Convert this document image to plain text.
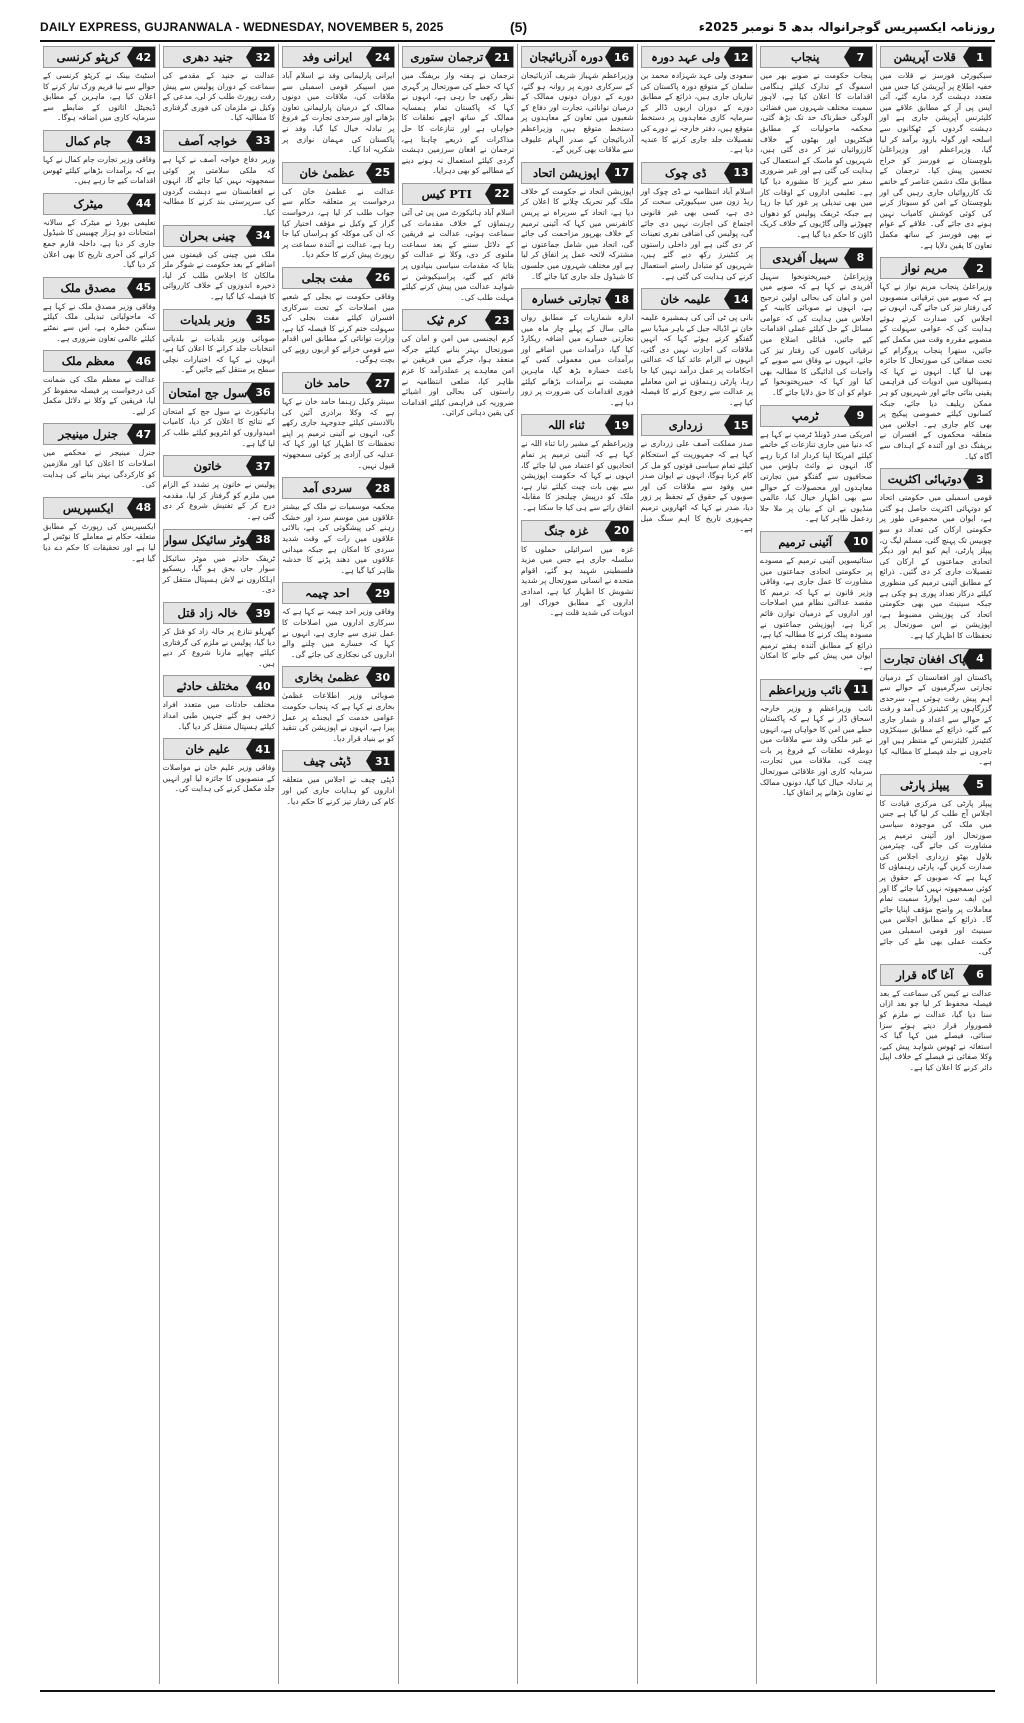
DAILY EXPRESS, GUJRANWALA - WEDNESDAY, NOVEMBER 5, 2025	(5)	روزنامہ ایکسپریس گوجرانوالہ بدھ 5 نومبر 2025ء
1
قلات آپریشن

سیکیورٹی فورسز نے قلات میں خفیہ اطلاع پر آپریشن کیا جس میں متعدد دہشت گرد مارے گئے، آئی ایس پی آر کے مطابق علاقے میں کلیئرنس آپریشن جاری ہے اور دہشت گردوں کے ٹھکانوں سے اسلحہ اور گولہ بارود برآمد کر لیا گیا، وزیراعظم اور وزیراعلیٰ بلوچستان نے فورسز کو خراج تحسین پیش کیا۔ ترجمان کے مطابق ملک دشمن عناصر کے خاتمے تک کارروائیاں جاری رہیں گی اور بلوچستان کے امن کو سبوتاژ کرنے کی کوئی کوشش کامیاب نہیں ہونے دی جائے گی۔ علاقے کے عوام نے بھی فورسز کے ساتھ مکمل تعاون کا یقین دلایا ہے۔

2
مریم نواز

وزیراعلیٰ پنجاب مریم نواز نے کہا ہے کہ صوبے میں ترقیاتی منصوبوں کی رفتار تیز کی جائے گی، انہوں نے اجلاس کی صدارت کرتے ہوئے ہدایت کی کہ عوامی سہولت کے منصوبے مقررہ وقت میں مکمل کیے جائیں، ستھرا پنجاب پروگرام کے تحت صفائی کی صورتحال کا جائزہ بھی لیا گیا۔ انہوں نے کہا کہ ہسپتالوں میں ادویات کی فراہمی یقینی بنائی جائے اور شہریوں کو ہر ممکن ریلیف دیا جائے، جبکہ کسانوں کیلئے خصوصی پیکیج پر بھی کام جاری ہے۔ اجلاس میں متعلقہ محکموں کے افسران نے بریفنگ دی اور آئندہ کے اہداف سے آگاہ کیا۔

3
دوتہائی اکثریت

قومی اسمبلی میں حکومتی اتحاد کو دوتہائی اکثریت حاصل ہو گئی ہے، ایوان میں مجموعی طور پر حکومتی ارکان کی تعداد دو سو چوبیس تک پہنچ گئی، مسلم لیگ ن، پیپلز پارٹی، ایم کیو ایم اور دیگر اتحادی جماعتوں کے ارکان کی تفصیلات جاری کر دی گئیں۔ ذرائع کے مطابق آئینی ترمیم کی منظوری کیلئے درکار تعداد پوری ہو چکی ہے جبکہ سینیٹ میں بھی حکومتی اتحاد کی پوزیشن مضبوط ہے، اپوزیشن نے اس صورتحال پر تحفظات کا اظہار کیا ہے۔

4
پاک افغان تجارت

پاکستان اور افغانستان کے درمیان تجارتی سرگرمیوں کے حوالے سے اہم پیش رفت ہوئی ہے، سرحدی گزرگاہوں پر کنٹینرز کی آمد و رفت کے حوالے سے اعداد و شمار جاری کیے گئے، ذرائع کے مطابق سینکڑوں کنٹینرز کلیئرنس کے منتظر ہیں اور تاجروں نے جلد فیصلے کا مطالبہ کیا ہے۔

5
پیپلز پارٹی

پیپلز پارٹی کی مرکزی قیادت کا اجلاس آج طلب کر لیا گیا ہے جس میں ملک کی موجودہ سیاسی صورتحال اور آئینی ترمیم پر مشاورت کی جائے گی، چیئرمین بلاول بھٹو زرداری اجلاس کی صدارت کریں گے، پارٹی رہنماؤں کا کہنا ہے کہ صوبوں کے حقوق پر کوئی سمجھوتہ نہیں کیا جائے گا اور این ایف سی ایوارڈ سمیت تمام معاملات پر واضح مؤقف اپنایا جائے گا۔ ذرائع کے مطابق اجلاس میں سینیٹ اور قومی اسمبلی میں حکمت عملی بھی طے کی جائے گی۔

6
آغا گاہ قرار

عدالت نے کیس کی سماعت کے بعد فیصلہ محفوظ کر لیا جو بعد ازاں سنا دیا گیا، عدالت نے ملزم کو قصوروار قرار دیتے ہوئے سزا سنائی، فیصلے میں کہا گیا کہ استغاثہ نے ٹھوس شواہد پیش کیے، وکلا صفائی نے فیصلے کے خلاف اپیل دائر کرنے کا اعلان کیا ہے۔

7
پنجاب

پنجاب حکومت نے صوبے بھر میں اسموگ کے تدارک کیلئے ہنگامی اقدامات کا اعلان کیا ہے، لاہور سمیت مختلف شہروں میں فضائی آلودگی خطرناک حد تک بڑھ گئی، محکمہ ماحولیات کے مطابق فیکٹریوں اور بھٹوں کے خلاف کارروائیاں تیز کر دی گئی ہیں، شہریوں کو ماسک کے استعمال کی ہدایت کی گئی ہے اور غیر ضروری سفر سے گریز کا مشورہ دیا گیا ہے۔ تعلیمی اداروں کے اوقات کار میں بھی تبدیلی پر غور کیا جا رہا ہے جبکہ ٹریفک پولیس کو دھواں چھوڑنے والی گاڑیوں کے خلاف کریک ڈاؤن کا حکم دیا گیا ہے۔

8
سہیل آفریدی

وزیراعلیٰ خیبرپختونخوا سہیل آفریدی نے کہا ہے کہ صوبے میں امن و امان کی بحالی اولین ترجیح ہے، انہوں نے صوبائی کابینہ کے اجلاس میں ہدایت کی کہ عوامی مسائل کے حل کیلئے عملی اقدامات کیے جائیں، قبائلی اضلاع میں ترقیاتی کاموں کی رفتار تیز کی جائے، انہوں نے وفاق سے صوبے کے واجبات کی ادائیگی کا مطالبہ بھی کیا اور کہا کہ خیبرپختونخوا کے عوام کو ان کا حق دلایا جائے گا۔

9
ٹرمپ

امریکی صدر ڈونلڈ ٹرمپ نے کہا ہے کہ دنیا میں جاری تنازعات کے خاتمے کیلئے امریکا اپنا کردار ادا کرتا رہے گا، انہوں نے وائٹ ہاؤس میں صحافیوں سے گفتگو میں تجارتی معاہدوں اور محصولات کے حوالے سے بھی اظہار خیال کیا، عالمی منڈیوں نے ان کے بیان پر ملا جلا ردعمل ظاہر کیا ہے۔

10
آئینی ترمیم

ستائیسویں آئینی ترمیم کے مسودے پر حکومتی اتحادی جماعتوں میں مشاورت کا عمل جاری ہے، وفاقی وزیر قانون نے کہا کہ ترمیم کا مقصد عدالتی نظام میں اصلاحات اور اداروں کے درمیان توازن قائم کرنا ہے، اپوزیشن جماعتوں نے مسودہ پبلک کرنے کا مطالبہ کیا ہے، ذرائع کے مطابق آئندہ ہفتے ترمیم ایوان میں پیش کیے جانے کا امکان ہے۔

11
نائب وزیراعظم

نائب وزیراعظم و وزیر خارجہ اسحاق ڈار نے کہا ہے کہ پاکستان خطے میں امن کا خواہاں ہے، انہوں نے غیر ملکی وفد سے ملاقات میں دوطرفہ تعلقات کے فروغ پر بات چیت کی، ملاقات میں تجارت، سرمایہ کاری اور علاقائی صورتحال پر تبادلہ خیال کیا گیا، دونوں ممالک نے تعاون بڑھانے پر اتفاق کیا۔

12
ولی عہد دورہ

سعودی ولی عہد شہزادہ محمد بن سلمان کے متوقع دورہ پاکستان کی تیاریاں جاری ہیں، ذرائع کے مطابق دورے کے دوران اربوں ڈالر کے سرمایہ کاری معاہدوں پر دستخط متوقع ہیں، دفتر خارجہ نے دورے کی تفصیلات جلد جاری کرنے کا عندیہ دیا ہے۔

13
ڈی چوک

اسلام آباد انتظامیہ نے ڈی چوک اور ریڈ زون میں سیکیورٹی سخت کر دی ہے، کسی بھی غیر قانونی اجتماع کی اجازت نہیں دی جائے گی، پولیس کی اضافی نفری تعینات کر دی گئی ہے اور داخلی راستوں پر کنٹینرز رکھ دیے گئے ہیں، شہریوں کو متبادل راستے استعمال کرنے کی ہدایت کی گئی ہے۔

14
علیمہ خان

بانی پی ٹی آئی کی ہمشیرہ علیمہ خان نے اڈیالہ جیل کے باہر میڈیا سے گفتگو کرتے ہوئے کہا کہ انہیں ملاقات کی اجازت نہیں دی گئی، انہوں نے الزام عائد کیا کہ عدالتی احکامات پر عمل درآمد نہیں کیا جا رہا، پارٹی رہنماؤں نے اس معاملے پر عدالت سے رجوع کرنے کا فیصلہ کیا ہے۔

15
زرداری

صدر مملکت آصف علی زرداری نے کہا ہے کہ جمہوریت کے استحکام کیلئے تمام سیاسی قوتوں کو مل کر کام کرنا ہوگا، انہوں نے ایوان صدر میں وفود سے ملاقات کی اور صوبوں کے حقوق کے تحفظ پر زور دیا، صدر نے کہا کہ اٹھارویں ترمیم جمہوری تاریخ کا اہم سنگ میل ہے۔

16
دورہ آذربائیجان

وزیراعظم شہباز شریف آذربائیجان کے سرکاری دورے پر روانہ ہو گئے، دورے کے دوران دونوں ممالک کے درمیان توانائی، تجارت اور دفاع کے شعبوں میں تعاون کے معاہدوں پر دستخط متوقع ہیں، وزیراعظم آذربائیجان کے صدر الہام علیوف سے ملاقات بھی کریں گے۔

17
اپوزیشن اتحاد

اپوزیشن اتحاد نے حکومت کے خلاف ملک گیر تحریک چلانے کا اعلان کر دیا ہے، اتحاد کے سربراہ نے پریس کانفرنس میں کہا کہ آئینی ترمیم کے خلاف بھرپور مزاحمت کی جائے گی، اتحاد میں شامل جماعتوں نے مشترکہ لائحہ عمل پر اتفاق کر لیا ہے اور مختلف شہروں میں جلسوں کا شیڈول جلد جاری کیا جائے گا۔

18
تجارتی خسارہ

ادارہ شماریات کے مطابق رواں مالی سال کے پہلے چار ماہ میں تجارتی خسارے میں اضافہ ریکارڈ کیا گیا، درآمدات میں اضافے اور برآمدات میں معمولی کمی کے باعث خسارہ بڑھ گیا، ماہرین معیشت نے برآمدات بڑھانے کیلئے فوری اقدامات کی ضرورت پر زور دیا ہے۔

19
ثناء اللہ

وزیراعظم کے مشیر رانا ثناء اللہ نے کہا ہے کہ آئینی ترمیم پر تمام اتحادیوں کو اعتماد میں لیا جائے گا، انہوں نے کہا کہ حکومت اپوزیشن سے بھی بات چیت کیلئے تیار ہے، ملک کو درپیش چیلنجز کا مقابلہ اتفاق رائے سے ہی کیا جا سکتا ہے۔

20
غزہ جنگ

غزہ میں اسرائیلی حملوں کا سلسلہ جاری ہے جس میں مزید فلسطینی شہید ہو گئے، اقوام متحدہ نے انسانی صورتحال پر شدید تشویش کا اظہار کیا ہے، امدادی اداروں کے مطابق خوراک اور ادویات کی شدید قلت ہے۔

21
ترجمان ستوری

ترجمان نے ہفتہ وار بریفنگ میں کہا کہ خطے کی صورتحال پر گہری نظر رکھی جا رہی ہے، انہوں نے کہا کہ پاکستان تمام ہمسایہ ممالک کے ساتھ اچھے تعلقات کا خواہاں ہے اور تنازعات کا حل مذاکرات کے ذریعے چاہتا ہے، ترجمان نے افغان سرزمین دہشت گردی کیلئے استعمال نہ ہونے دینے کے مطالبے کو بھی دہرایا۔

22
PTI کیس

اسلام آباد ہائیکورٹ میں پی ٹی آئی رہنماؤں کے خلاف مقدمات کی سماعت ہوئی، عدالت نے فریقین کے دلائل سننے کے بعد سماعت ملتوی کر دی، وکلا نے عدالت کو بتایا کہ مقدمات سیاسی بنیادوں پر قائم کیے گئے، پراسیکیوشن نے شواہد عدالت میں پیش کرنے کیلئے مہلت طلب کی۔

23
کرم ٹیک

کرم ایجنسی میں امن و امان کی صورتحال بہتر بنانے کیلئے جرگہ منعقد ہوا، جرگے میں فریقین نے امن معاہدے پر عملدرآمد کا عزم ظاہر کیا، ضلعی انتظامیہ نے راستوں کی بحالی اور اشیائے ضروریہ کی فراہمی کیلئے اقدامات کی یقین دہانی کرائی۔

24
ایرانی وفد

ایرانی پارلیمانی وفد نے اسلام آباد میں اسپیکر قومی اسمبلی سے ملاقات کی، ملاقات میں دونوں ممالک کے درمیان پارلیمانی تعاون بڑھانے اور سرحدی تجارت کے فروغ پر تبادلہ خیال کیا گیا، وفد نے پاکستان کی مہمان نوازی پر شکریہ ادا کیا۔

25
عظمیٰ خان

عدالت نے عظمیٰ خان کی درخواست پر متعلقہ حکام سے جواب طلب کر لیا ہے، درخواست گزار کے وکیل نے مؤقف اختیار کیا کہ ان کی موکلہ کو ہراساں کیا جا رہا ہے، عدالت نے آئندہ سماعت پر رپورٹ پیش کرنے کا حکم دیا۔

26
مفت بجلی

وفاقی حکومت نے بجلی کے شعبے میں اصلاحات کے تحت سرکاری افسران کیلئے مفت بجلی کی سہولت ختم کرنے کا فیصلہ کیا ہے، وزارت توانائی کے مطابق اس اقدام سے قومی خزانے کو اربوں روپے کی بچت ہوگی۔

27
حامد خان

سینئر وکیل رہنما حامد خان نے کہا ہے کہ وکلا برادری آئین کی بالادستی کیلئے جدوجہد جاری رکھے گی، انہوں نے آئینی ترمیم پر اپنے تحفظات کا اظہار کیا اور کہا کہ عدلیہ کی آزادی پر کوئی سمجھوتہ قبول نہیں۔

28
سردی آمد

محکمہ موسمیات نے ملک کے بیشتر علاقوں میں موسم سرد اور خشک رہنے کی پیشگوئی کی ہے، بالائی علاقوں میں رات کے وقت شدید سردی کا امکان ہے جبکہ میدانی علاقوں میں دھند پڑنے کا خدشہ ظاہر کیا گیا ہے۔

29
احد چیمہ

وفاقی وزیر احد چیمہ نے کہا ہے کہ سرکاری اداروں میں اصلاحات کا عمل تیزی سے جاری ہے، انہوں نے کہا کہ خسارے میں چلنے والے اداروں کی نجکاری کی جائے گی۔

30
عظمیٰ بخاری

صوبائی وزیر اطلاعات عظمیٰ بخاری نے کہا ہے کہ پنجاب حکومت عوامی خدمت کے ایجنڈے پر عمل پیرا ہے، انہوں نے اپوزیشن کی تنقید کو بے بنیاد قرار دیا۔

31
ڈپٹی چیف

ڈپٹی چیف نے اجلاس میں متعلقہ اداروں کو ہدایات جاری کیں اور کام کی رفتار تیز کرنے کا حکم دیا۔

32
جنید دھری

عدالت نے جنید کے مقدمے کی سماعت کے دوران پولیس سے پیش رفت رپورٹ طلب کر لی، مدعی کے وکیل نے ملزمان کی فوری گرفتاری کا مطالبہ کیا۔

33
خواجہ آصف

وزیر دفاع خواجہ آصف نے کہا ہے کہ ملکی سلامتی پر کوئی سمجھوتہ نہیں کیا جائے گا، انہوں نے افغانستان سے دہشت گردوں کی سرپرستی بند کرنے کا مطالبہ کیا۔

34
چینی بحران

ملک میں چینی کی قیمتوں میں اضافے کے بعد حکومت نے شوگر ملز مالکان کا اجلاس طلب کر لیا، ذخیرہ اندوزوں کے خلاف کارروائی کا فیصلہ کیا گیا ہے۔

35
وزیر بلدیات

صوبائی وزیر بلدیات نے بلدیاتی انتخابات جلد کرانے کا اعلان کیا ہے، انہوں نے کہا کہ اختیارات نچلی سطح پر منتقل کیے جائیں گے۔

36
سول جج امتحان

ہائیکورٹ نے سول جج کے امتحان کے نتائج کا اعلان کر دیا، کامیاب امیدواروں کو انٹرویو کیلئے طلب کر لیا گیا ہے۔

37
خاتون

پولیس نے خاتون پر تشدد کے الزام میں ملزم کو گرفتار کر لیا، مقدمہ درج کر کے تفتیش شروع کر دی گئی ہے۔

38
موٹر سائیکل سوار

ٹریفک حادثے میں موٹر سائیکل سوار جاں بحق ہو گیا، ریسکیو اہلکاروں نے لاش ہسپتال منتقل کر دی۔

39
خالہ زاد قتل

گھریلو تنازع پر خالہ زاد کو قتل کر دیا گیا، پولیس نے ملزم کی گرفتاری کیلئے چھاپے مارنا شروع کر دیے ہیں۔

40
مختلف حادثے

مختلف حادثات میں متعدد افراد زخمی ہو گئے جنہیں طبی امداد کیلئے ہسپتال منتقل کر دیا گیا۔

41
علیم خان

وفاقی وزیر علیم خان نے مواصلات کے منصوبوں کا جائزہ لیا اور انہیں جلد مکمل کرنے کی ہدایت کی۔

42
کرپٹو کرنسی

اسٹیٹ بینک نے کرپٹو کرنسی کے حوالے سے نیا فریم ورک تیار کرنے کا اعلان کیا ہے، ماہرین کے مطابق ڈیجیٹل اثاثوں کے ضابطے سے سرمایہ کاری میں اضافہ ہوگا۔

43
جام کمال

وفاقی وزیر تجارت جام کمال نے کہا ہے کہ برآمدات بڑھانے کیلئے ٹھوس اقدامات کیے جا رہے ہیں۔

44
میٹرک

تعلیمی بورڈ نے میٹرک کے سالانہ امتحانات دو ہزار چھبیس کا شیڈول جاری کر دیا ہے، داخلہ فارم جمع کرانے کی آخری تاریخ کا بھی اعلان کر دیا گیا۔

45
مصدق ملک

وفاقی وزیر مصدق ملک نے کہا ہے کہ ماحولیاتی تبدیلی ملک کیلئے سنگین خطرہ ہے، اس سے نمٹنے کیلئے عالمی تعاون ضروری ہے۔

46
معظم ملک

عدالت نے معظم ملک کی ضمانت کی درخواست پر فیصلہ محفوظ کر لیا، فریقین کے وکلا نے دلائل مکمل کر لیے۔

47
جنرل مینیجر

جنرل مینیجر نے محکمے میں اصلاحات کا اعلان کیا اور ملازمین کو کارکردگی بہتر بنانے کی ہدایت کی۔

48
ایکسپریس

ایکسپریس کی رپورٹ کے مطابق متعلقہ حکام نے معاملے کا نوٹس لے لیا ہے اور تحقیقات کا حکم دے دیا گیا ہے۔
